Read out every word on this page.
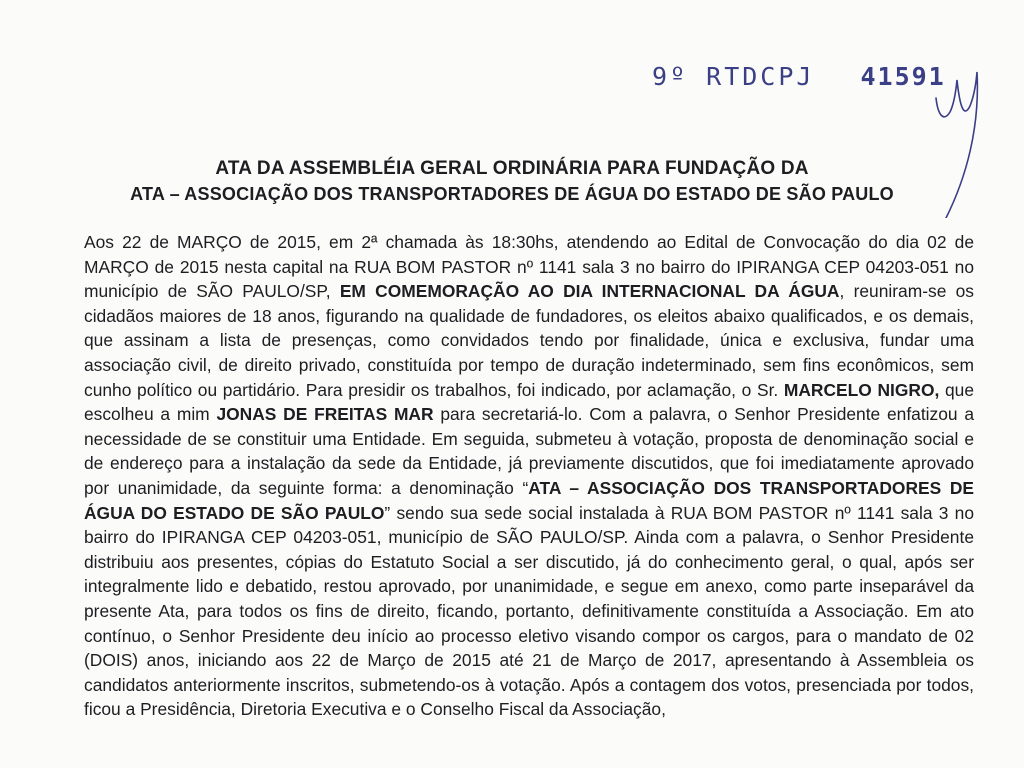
9º RTDCPJ 41591
ATA DA ASSEMBLÉIA GERAL ORDINÁRIA PARA FUNDAÇÃO DA
ATA – ASSOCIAÇÃO DOS TRANSPORTADORES DE ÁGUA DO ESTADO DE SÃO PAULO

Aos 22 de MARÇO de 2015, em 2ª chamada às 18:30hs, atendendo ao Edital de Convocação do dia 02 de MARÇO de 2015 nesta capital na RUA BOM PASTOR nº 1141 sala 3 no bairro do IPIRANGA CEP 04203-051 no município de SÃO PAULO/SP, EM COMEMORAÇÃO AO DIA INTERNACIONAL DA ÁGUA, reuniram-se os cidadãos maiores de 18 anos, figurando na qualidade de fundadores, os eleitos abaixo qualificados, e os demais, que assinam a lista de presenças, como convidados tendo por finalidade, única e exclusiva, fundar uma associação civil, de direito privado, constituída por tempo de duração indeterminado, sem fins econômicos, sem cunho político ou partidário. Para presidir os trabalhos, foi indicado, por aclamação, o Sr. MARCELO NIGRO, que escolheu a mim JONAS DE FREITAS MAR para secretariá-lo. Com a palavra, o Senhor Presidente enfatizou a necessidade de se constituir uma Entidade. Em seguida, submeteu à votação, proposta de denominação social e de endereço para a instalação da sede da Entidade, já previamente discutidos, que foi imediatamente aprovado por unanimidade, da seguinte forma: a denominação “ATA – ASSOCIAÇÃO DOS TRANSPORTADORES DE ÁGUA DO ESTADO DE SÃO PAULO” sendo sua sede social instalada à RUA BOM PASTOR nº 1141 sala 3 no bairro do IPIRANGA CEP 04203-051, município de SÃO PAULO/SP. Ainda com a palavra, o Senhor Presidente distribuiu aos presentes, cópias do Estatuto Social a ser discutido, já do conhecimento geral, o qual, após ser integralmente lido e debatido, restou aprovado, por unanimidade, e segue em anexo, como parte inseparável da presente Ata, para todos os fins de direito, ficando, portanto, definitivamente constituída a Associação. Em ato contínuo, o Senhor Presidente deu início ao processo eletivo visando compor os cargos, para o mandato de 02 (DOIS) anos, iniciando aos 22 de Março de 2015 até 21 de Março de 2017, apresentando à Assembleia os candidatos anteriormente inscritos, submetendo-os à votação. Após a contagem dos votos, presenciada por todos, ficou a Presidência, Diretoria Executiva e o Conselho Fiscal da Associação,
